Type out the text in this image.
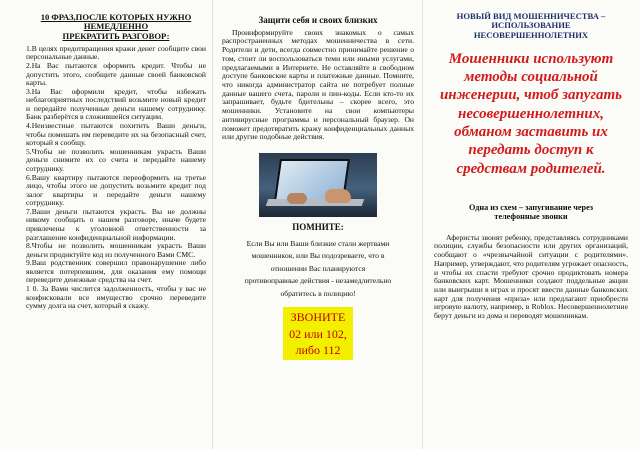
10 ФРАЗ,ПОСЛЕ КОТОРЫХ НУЖНО
НЕМЕДЛЕННО
ПРЕКРАТИТЬ РАЗГОВОР:
1.В целях предотвращения кражи денег сообщите свои персональные данные.
2.На Вас пытаются оформить кредит. Чтобы не допустить этого, сообщите данные своей банковской карты.
3.На Вас оформили кредит, чтобы избежать неблагоприятных последствий возьмите новый кредит и передайте полученные деньги нашему сотруднику. Банк разберётся в сложившейся ситуации.
4.Неизвестные пытаются похитить Ваши деньги, чтобы помешать им переведите их на безопасный счет, который я сообщу.
5.Чтобы не позволить мошенникам украсть Ваши деньги снимите их со счета и передайте нашему сотруднику.
6.Вашу квартиру пытаются переоформить на третье лицо, чтобы этого не допустить возьмите кредит под залог квартиры и передайте деньги нашему сотруднику.
7.Ваши деньги пытаются украсть. Вы не должны никому сообщать о нашем разговоре, иначе будете привлечены к уголовной ответственности за разглашение конфиденциальной информации.
8.Чтобы не позволить мошенникам украсть Ваши деньги продиктуйте код из полученного Вами СМС.
9.Ваш родственник совершил правонарушение либо является потерпевшим, для оказания ему помощи переведите денежные средства на счет.
1 0. За Вами числится задолженность, чтобы у вас не конфисковали все имущество срочно переведите сумму долга на счет, который я скажу.
Защити себя и своих близких

Проинформируйте своих знакомых о самых распространенных методах мошенничества в сети. Родители и дети, всегда совместно принимайте решение о том, стоит ли воспользоваться теми или иными услугами, предлагаемыми в Интернете. Не оставляйте в свободном доступе банковские карты и платежные данные. Помните, что никогда администратор сайта не потребует полные данные вашего счета, пароли и пин-коды. Если кто-то их запрашивает, будьте бдительны – скорее всего, это мошенники. Установите на свои компьютеры антивирусные программы и персональный браузер. Он поможет предотвратить кражу конфиденциальных данных или другие подобные действия.

ПОМНИТЕ:
Если Вы или Ваши близкие стали жертвами
мошенников, или Вы подозреваете, что в
отношении Вас планируются
противоправные действия - незамедлительно
обратитесь в полицию!
ЗВОНИТЕ
02 или 102,
либо 112
НОВЫЙ ВИД МОШЕННИЧЕСТВА –
ИСПОЛЬЗОВАНИЕ
НЕСОВЕРШЕННОЛЕТНИХ

Мошенники используют методы социальной инженерии, чтоб запугать несовершеннолетних, обманом заставить их передать доступ к средствам родителей.

Одна из схем – запугивание через
телефонные звонки

Аферисты звонят ребенку, представляясь сотрудниками полиции, службы безопасности или других организаций, сообщают о «чрезвычайной ситуации с родителями». Например, утверждают, что родителям угрожает опасность, и чтобы их спасти требуют срочно продиктовать номера банковских карт. Мошенники создают поддельные акции или выигрыши в играх и просят ввести данные банковских карт для получения «приза» или предлагают приобрести игровую валюту, например, в Roblox. Несовершеннолетние берут деньги из дома и переводят мошенникам.
